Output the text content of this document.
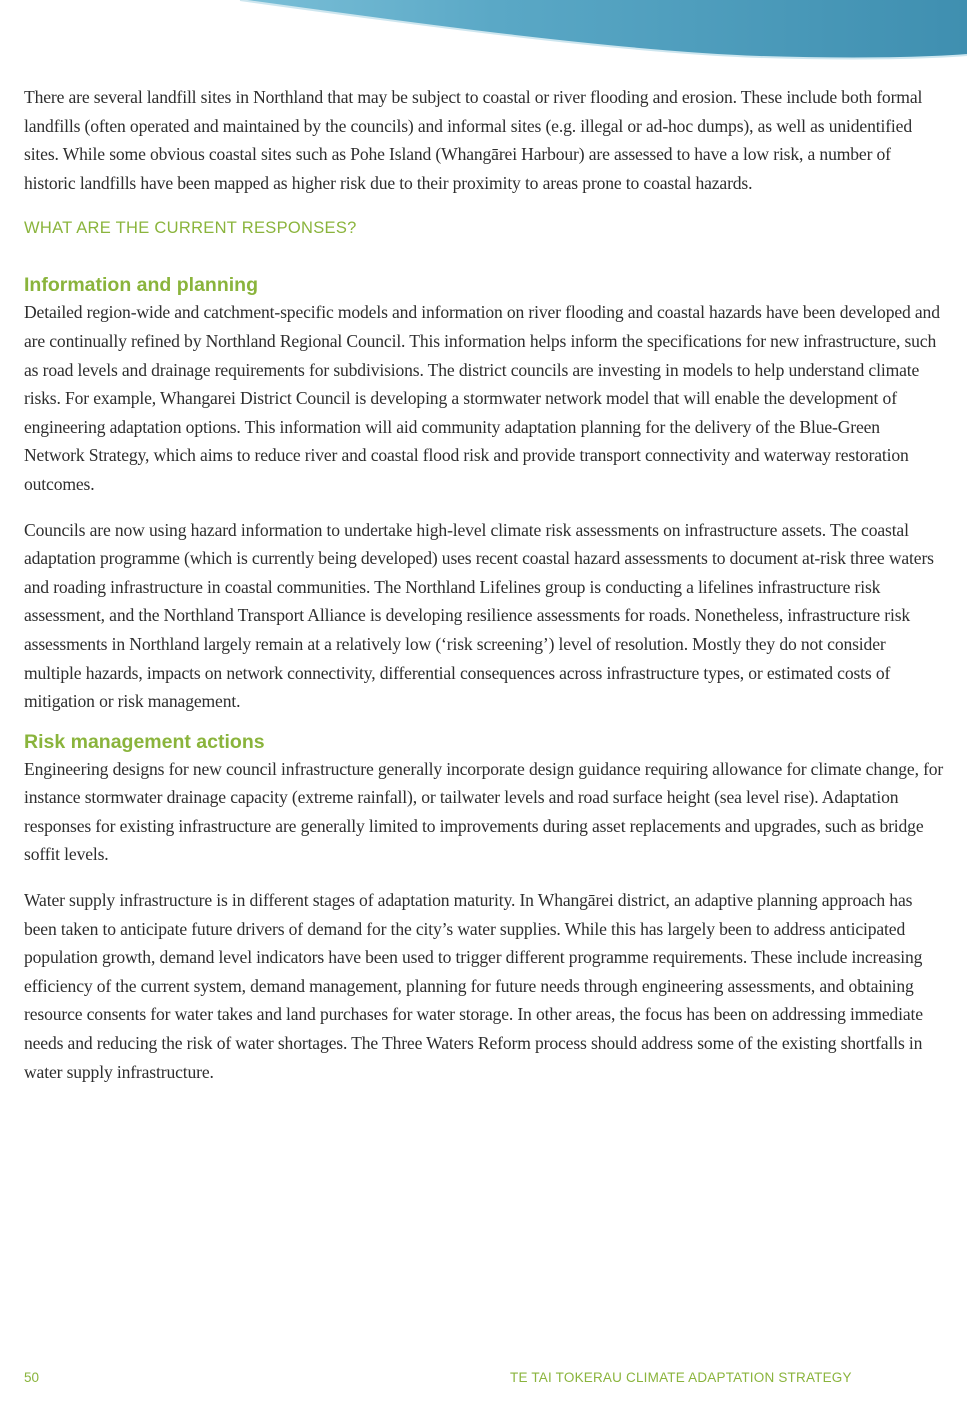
There are several landfill sites in Northland that may be subject to coastal or river flooding and erosion. These include both formal landfills (often operated and maintained by the councils) and informal sites (e.g. illegal or ad-hoc dumps), as well as unidentified sites. While some obvious coastal sites such as Pohe Island (Whangārei Harbour) are assessed to have a low risk, a number of historic landfills have been mapped as higher risk due to their proximity to areas prone to coastal hazards.

WHAT ARE THE CURRENT RESPONSES?
Information and planning

Detailed region-wide and catchment-specific models and information on river flooding and coastal hazards have been developed and are continually refined by Northland Regional Council. This information helps inform the specifications for new infrastructure, such as road levels and drainage requirements for subdivisions. The district councils are investing in models to help understand climate risks. For example, Whangarei District Council is developing a stormwater network model that will enable the development of engineering adaptation options. This information will aid community adaptation planning for the delivery of the Blue-Green Network Strategy, which aims to reduce river and coastal flood risk and provide transport connectivity and waterway restoration outcomes.

Councils are now using hazard information to undertake high-level climate risk assessments on infrastructure assets. The coastal adaptation programme (which is currently being developed) uses recent coastal hazard assessments to document at-risk three waters and roading infrastructure in coastal communities. The Northland Lifelines group is conducting a lifelines infrastructure risk assessment, and the Northland Transport Alliance is developing resilience assessments for roads. Nonetheless, infrastructure risk assessments in Northland largely remain at a relatively low (‘risk screening’) level of resolution. Mostly they do not consider multiple hazards, impacts on network connectivity, differential consequences across infrastructure types, or estimated costs of mitigation or risk management.

Risk management actions

Engineering designs for new council infrastructure generally incorporate design guidance requiring allowance for climate change, for instance stormwater drainage capacity (extreme rainfall), or tailwater levels and road surface height (sea level rise). Adaptation responses for existing infrastructure are generally limited to improvements during asset replacements and upgrades, such as bridge soffit levels.

Water supply infrastructure is in different stages of adaptation maturity. In Whangārei district, an adaptive planning approach has been taken to anticipate future drivers of demand for the city’s water supplies. While this has largely been to address anticipated population growth, demand level indicators have been used to trigger different programme requirements. These include increasing efficiency of the current system, demand management, planning for future needs through engineering assessments, and obtaining resource consents for water takes and land purchases for water storage. In other areas, the focus has been on addressing immediate needs and reducing the risk of water shortages. The Three Waters Reform process should address some of the existing shortfalls in water supply infrastructure.

50	TE TAI TOKERAU CLIMATE ADAPTATION STRATEGY
